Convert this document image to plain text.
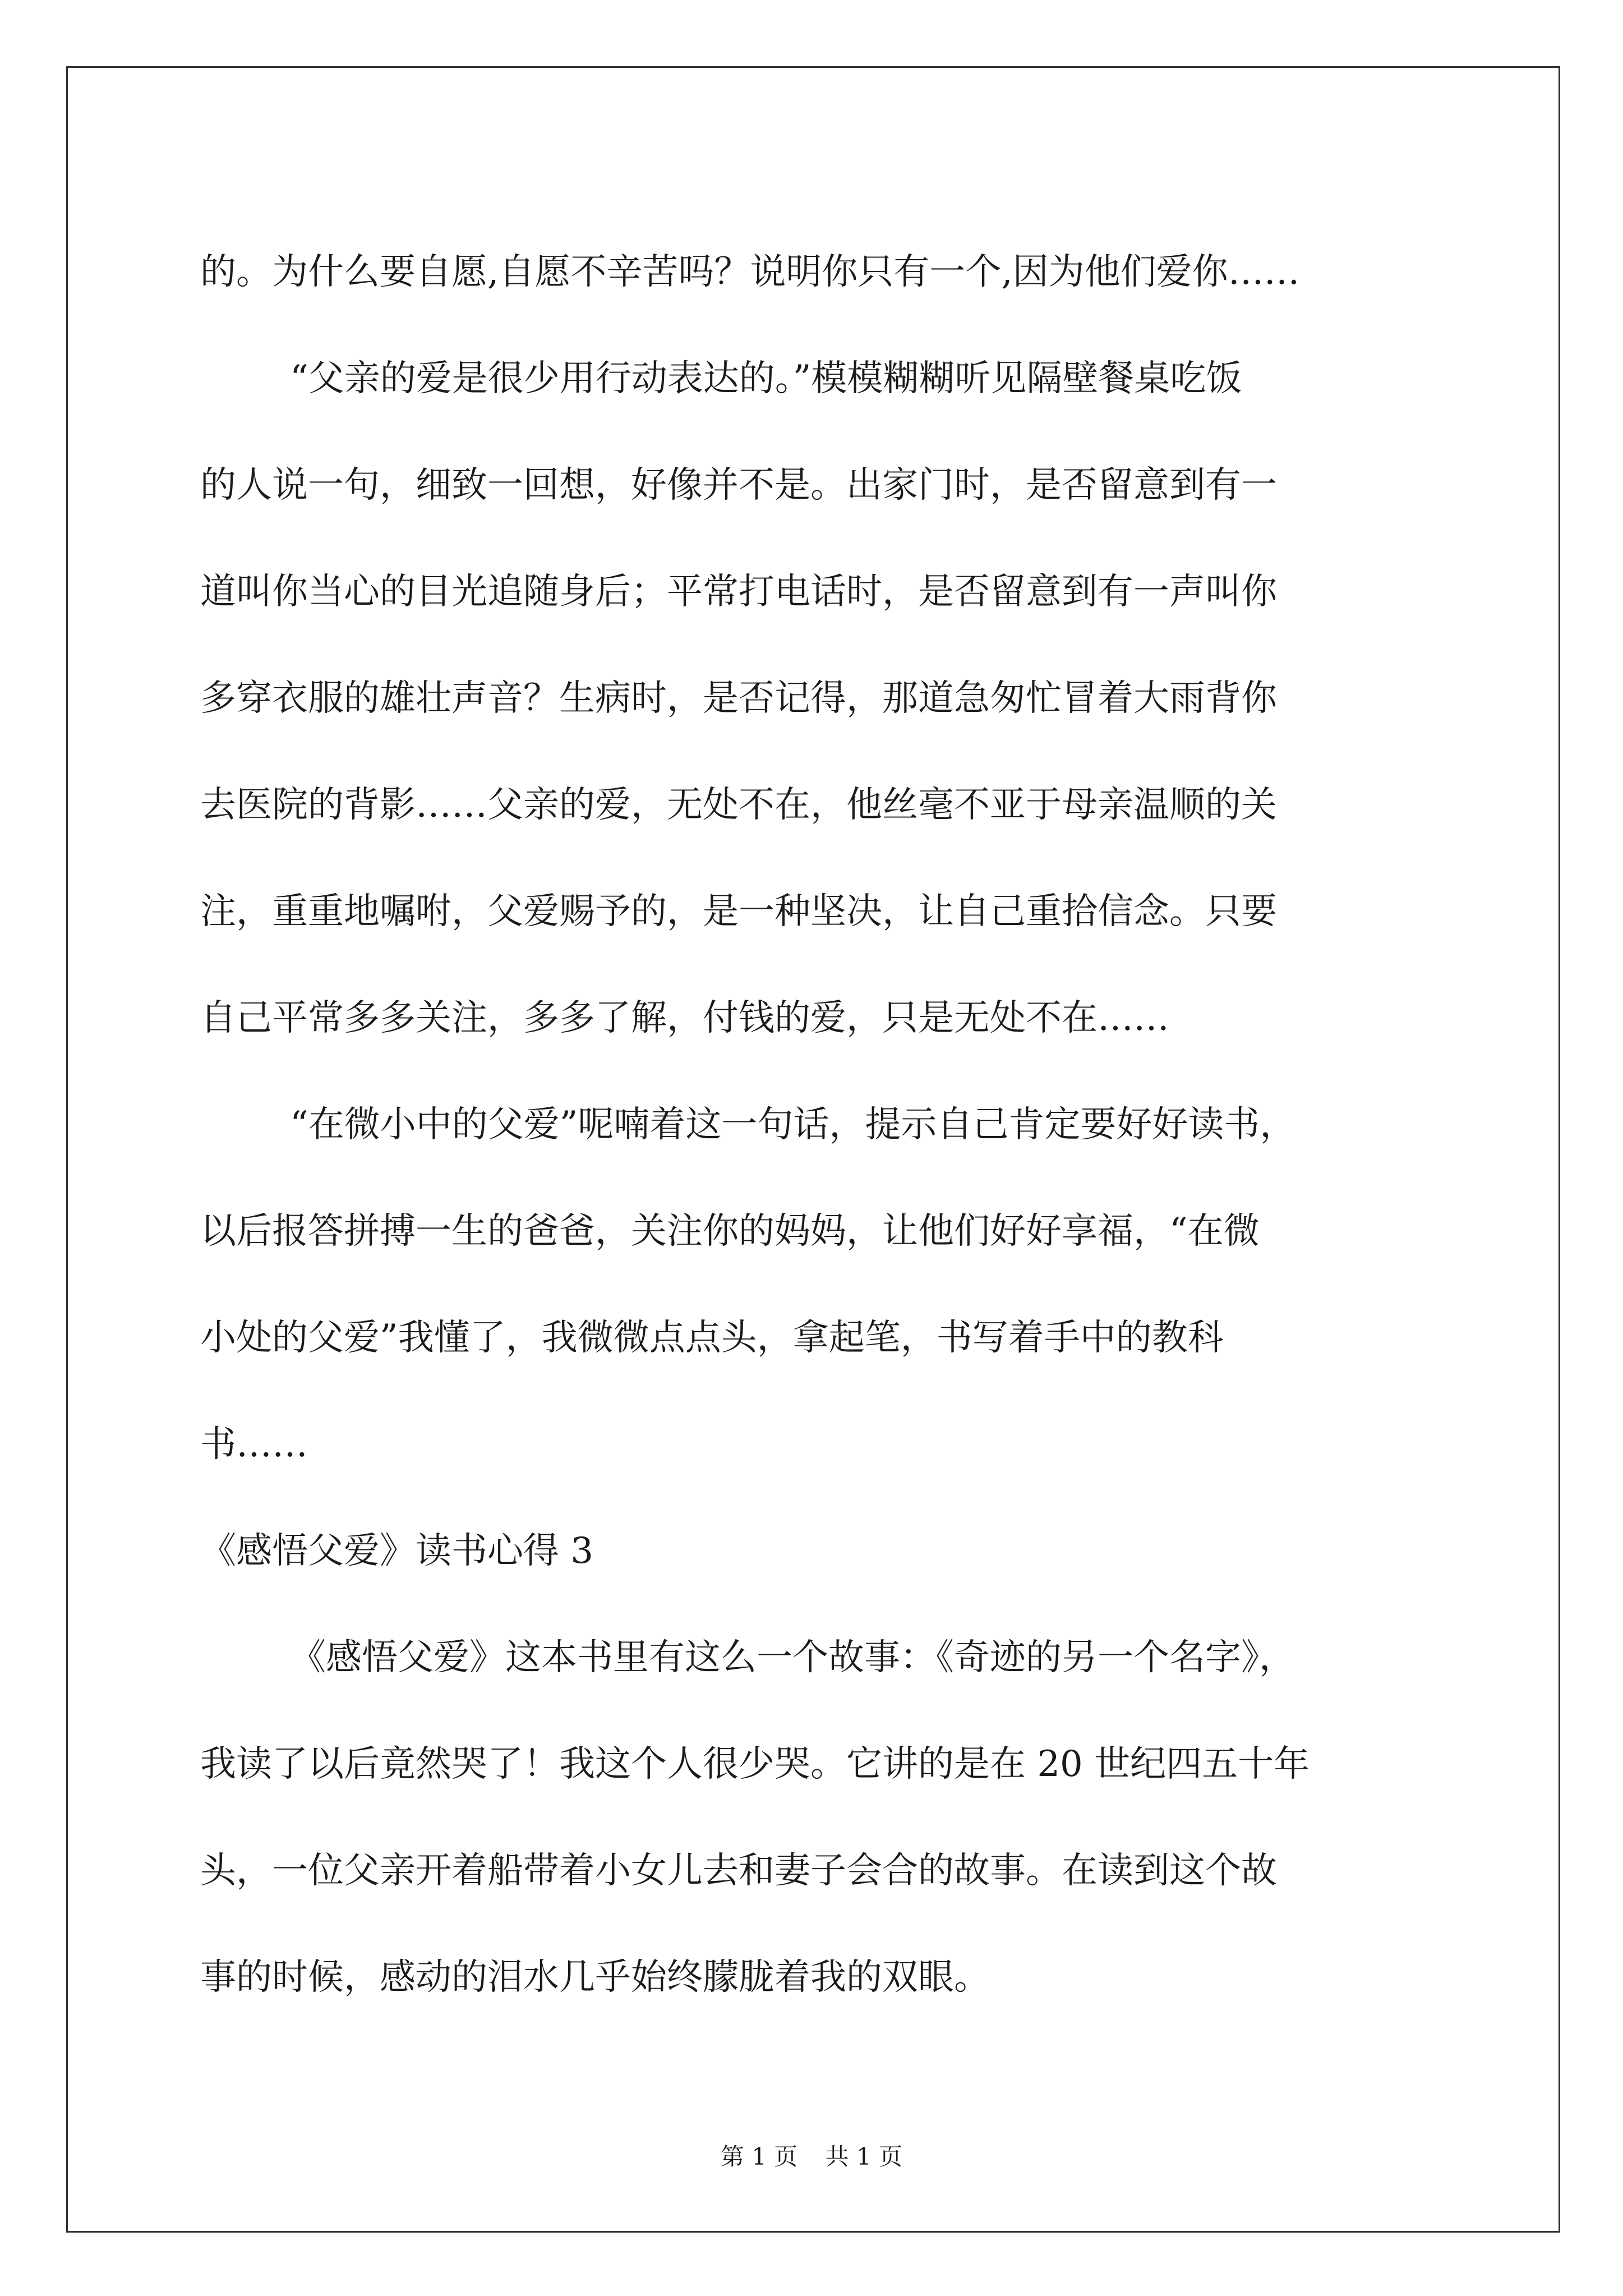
的。为什么要自愿,自愿不辛苦吗？说明你只有一个,因为他们爱你……
“父亲的爱是很少用行动表达的。”模模糊糊听见隔壁餐桌吃饭
的人说一句，细致一回想，好像并不是。出家门时，是否留意到有一
道叫你当心的目光追随身后；平常打电话时，是否留意到有一声叫你
多穿衣服的雄壮声音？生病时，是否记得，那道急匆忙冒着大雨背你
去医院的背影……父亲的爱，无处不在，他丝毫不亚于母亲温顺的关
注，重重地嘱咐，父爱赐予的，是一种坚决，让自己重拾信念。只要
自己平常多多关注，多多了解，付钱的爱，只是无处不在……
“在微小中的父爱”呢喃着这一句话，提示自己肯定要好好读书，
以后报答拼搏一生的爸爸，关注你的妈妈，让他们好好享福，“在微
小处的父爱”我懂了，我微微点点头，拿起笔，书写着手中的教科
书……
《感悟父爱》读书心得 3
《感悟父爱》这本书里有这么一个故事：《奇迹的另一个名字》，
我读了以后竟然哭了！我这个人很少哭。它讲的是在 20 世纪四五十年
头，一位父亲开着船带着小女儿去和妻子会合的故事。在读到这个故
事的时候，感动的泪水几乎始终朦胧着我的双眼。
第 1 页 共 1 页
